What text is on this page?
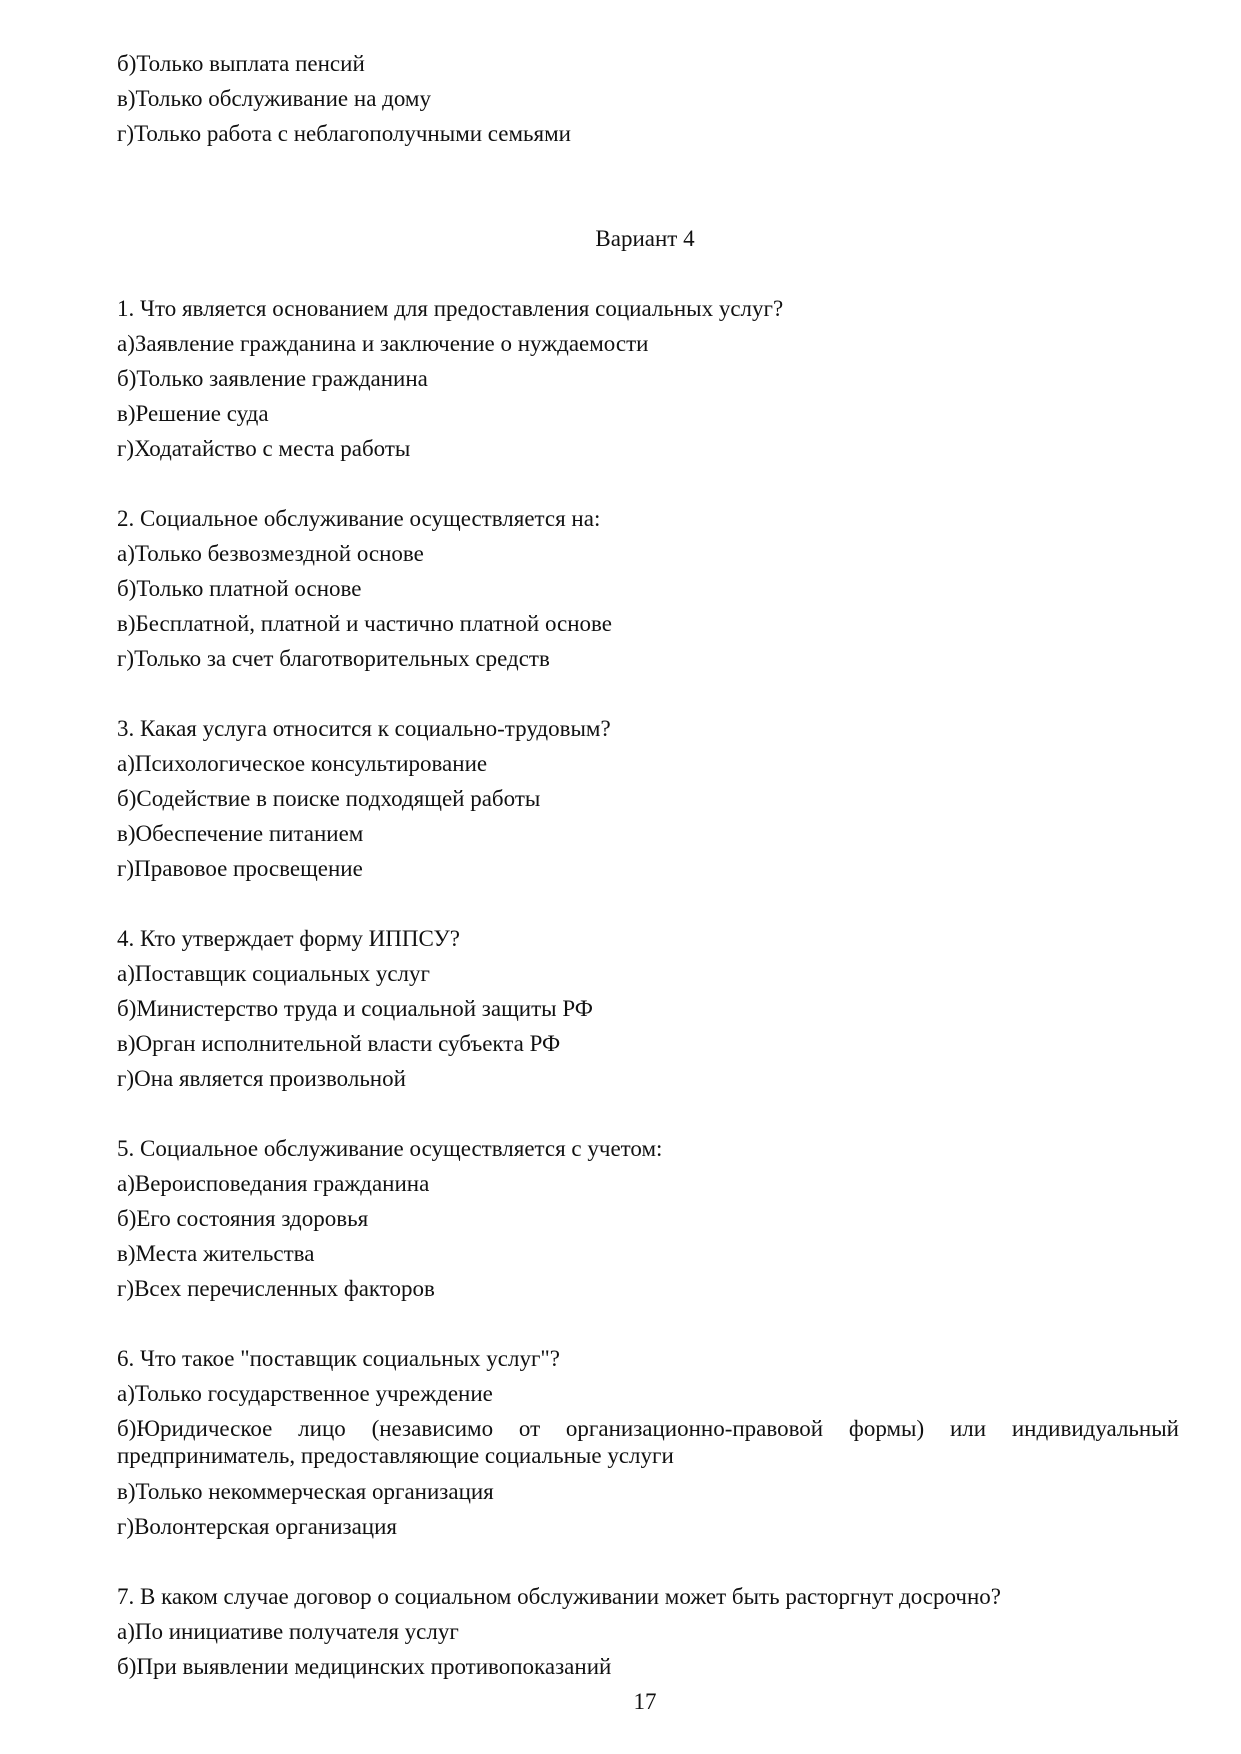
б)Только выплата пенсий
в)Только обслуживание на дому
г)Только работа с неблагополучными семьями
Вариант 4
1. Что является основанием для предоставления социальных услуг?
а)Заявление гражданина и заключение о нуждаемости
б)Только заявление гражданина
в)Решение суда
г)Ходатайство с места работы
2. Социальное обслуживание осуществляется на:
а)Только безвозмездной основе
б)Только платной основе
в)Бесплатной, платной и частично платной основе
г)Только за счет благотворительных средств
3. Какая услуга относится к социально-трудовым?
а)Психологическое консультирование
б)Содействие в поиске подходящей работы
в)Обеспечение питанием
г)Правовое просвещение
4. Кто утверждает форму ИППСУ?
а)Поставщик социальных услуг
б)Министерство труда и социальной защиты РФ
в)Орган исполнительной власти субъекта РФ
г)Она является произвольной
5. Социальное обслуживание осуществляется с учетом:
а)Вероисповедания гражданина
б)Его состояния здоровья
в)Места жительства
г)Всех перечисленных факторов
6. Что такое "поставщик социальных услуг"?
а)Только государственное учреждение
б)Юридическое лицо (независимо от организационно-правовой формы) или индивидуальный предприниматель, предоставляющие социальные услуги
в)Только некоммерческая организация
г)Волонтерская организация
7. В каком случае договор о социальном обслуживании может быть расторгнут досрочно?
а)По инициативе получателя услуг
б)При выявлении медицинских противопоказаний
17
